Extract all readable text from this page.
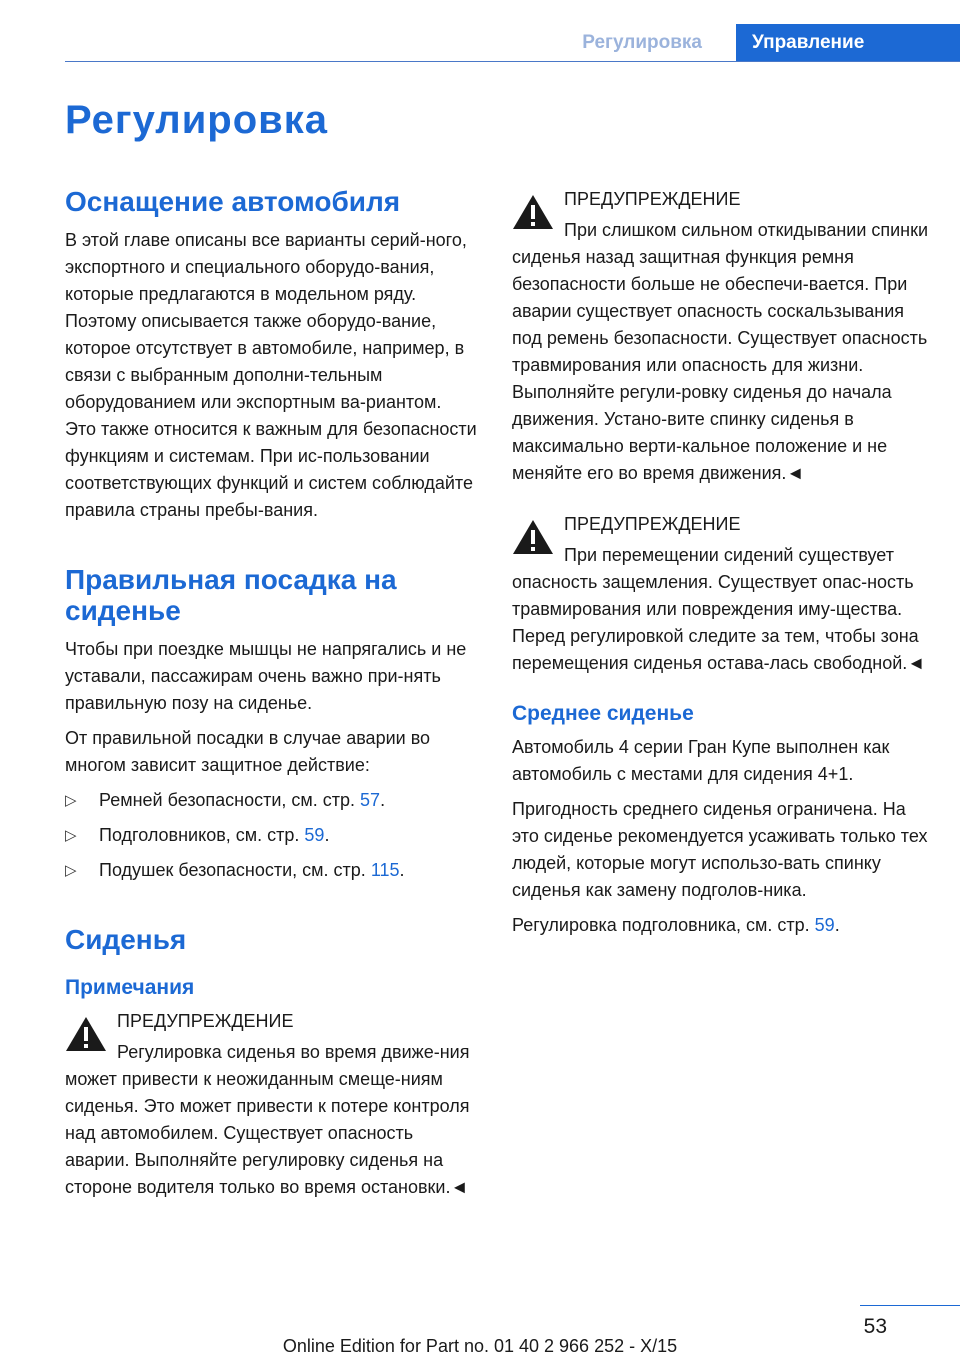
Регулировка	Управление
Регулировка
Оснащение автомобиля

В этой главе описаны все варианты серий-ного, экспортного и специального оборудо-вания, которые предлагаются в модельном ряду. Поэтому описывается также оборудо-вание, которое отсутствует в автомобиле, например, в связи с выбранным дополни-тельным оборудованием или экспортным ва-риантом. Это также относится к важным для безопасности функциям и системам. При ис-пользовании соответствующих функций и систем соблюдайте правила страны пребы-вания.

Правильная посадка на сиденье

Чтобы при поездке мышцы не напрягались и не уставали, пассажирам очень важно при-нять правильную позу на сиденье.

От правильной посадки в случае аварии во многом зависит защитное действие:

▷ Ремней безопасности, см. стр. 57.
▷ Подголовников, см. стр. 59.
▷ Подушек безопасности, см. стр. 115.
Сиденья
Примечания
ПРЕДУПРЕЖДЕНИЕ
Регулировка сиденья во время движе-ния может привести к неожиданным смеще-ниям сиденья. Это может привести к потере контроля над автомобилем. Существует опасность аварии. Выполняйте регулировку сиденья на стороне водителя только во время остановки.◄
ПРЕДУПРЕЖДЕНИЕ
При слишком сильном откидывании спинки сиденья назад защитная функция ремня безопасности больше не обеспечи-вается. При аварии существует опасность соскальзывания под ремень безопасности. Существует опасность травмирования или опасность для жизни. Выполняйте регули-ровку сиденья до начала движения. Устано-вите спинку сиденья в максимально верти-кальное положение и не меняйте его во время движения.◄
ПРЕДУПРЕЖДЕНИЕ
При перемещении сидений существует опасность защемления. Существует опас-ность травмирования или повреждения иму-щества. Перед регулировкой следите за тем, чтобы зона перемещения сиденья остава-лась свободной.◄
Среднее сиденье

Автомобиль 4 серии Гран Купе выполнен как автомобиль с местами для сидения 4+1.

Пригодность среднего сиденья ограничена. На это сиденье рекомендуется усаживать только тех людей, которые могут использо-вать спинку сиденья как замену подголов-ника.

Регулировка подголовника, см. стр. 59.

53
Online Edition for Part no. 01 40 2 966 252 - X/15
